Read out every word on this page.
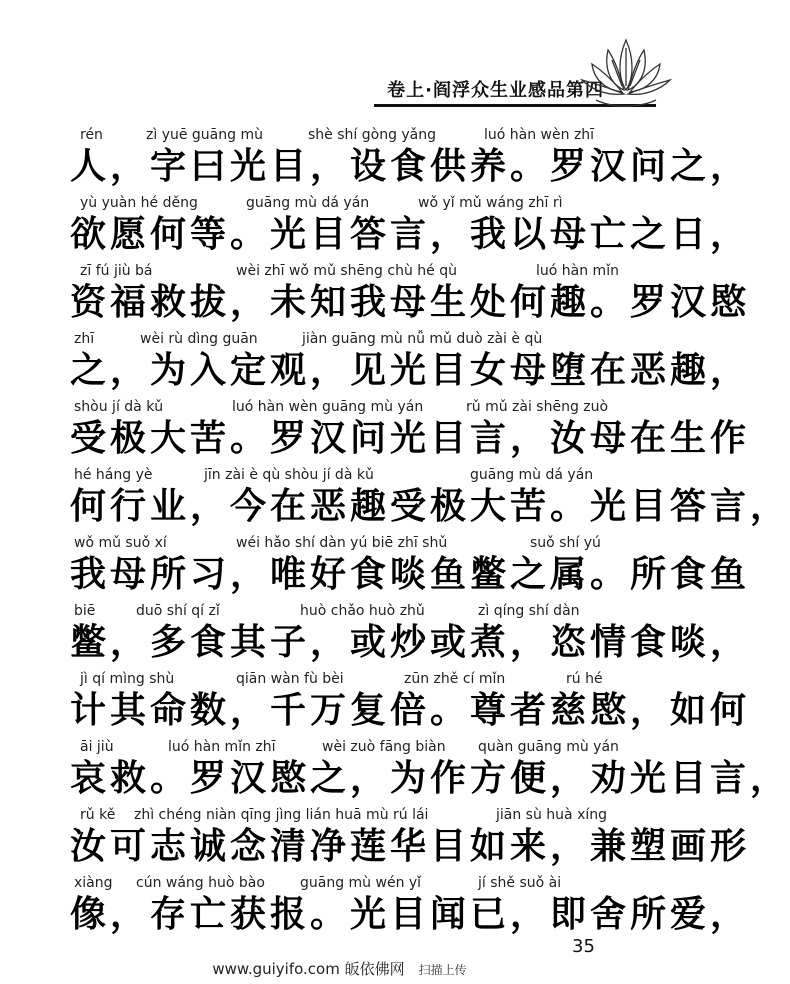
卷上·阎浮众生业感品第四
rén	zì yuē guāng mù	shè shí gòng yǎng	luó hàn wèn zhī
人，字曰光目，设食供养。罗汉问之，
yù yuàn hé děng	guāng mù dá yán	wǒ yǐ mǔ wáng zhī rì
欲愿何等。光目答言，我以母亡之日，
zī fú jiù bá	wèi zhī wǒ mǔ shēng chù hé qù	luó hàn mǐn
资福救拔，未知我母生处何趣。罗汉愍
zhī	wèi rù dìng guān	jiàn guāng mù nǚ mǔ duò zài è qù
之，为入定观，见光目女母堕在恶趣，
shòu jí dà kǔ	luó hàn wèn guāng mù yán	rǔ mǔ zài shēng zuò
受极大苦。罗汉问光目言，汝母在生作
hé háng yè	jīn zài è qù shòu jí dà kǔ	guāng mù dá yán
何行业，今在恶趣受极大苦。光目答言，
wǒ mǔ suǒ xí	wéi hǎo shí dàn yú biē zhī shǔ	suǒ shí yú
我母所习，唯好食啖鱼鳖之属。所食鱼
biē	duō shí qí zǐ	huò chǎo huò zhǔ	zì qíng shí dàn
鳖，多食其子，或炒或煮，恣情食啖，
jì qí mìng shù	qiān wàn fù bèi	zūn zhě cí mǐn	rú hé
计其命数，千万复倍。尊者慈愍，如何
āi jiù	luó hàn mǐn zhī	wèi zuò fāng biàn quàn guāng mù yán
哀救。罗汉愍之，为作方便，劝光目言，
rǔ kě zhì chéng niàn qīng jìng lián huā mù rú lái	jiān sù huà xíng
汝可志诚念清净莲华目如来，兼塑画形
xiàng cún wáng huò bào	guāng mù wén yǐ	jí shě suǒ ài
像，存亡获报。光目闻已，即舍所爱，
35
www.guiyifo.com 皈依佛网 扫描上传
